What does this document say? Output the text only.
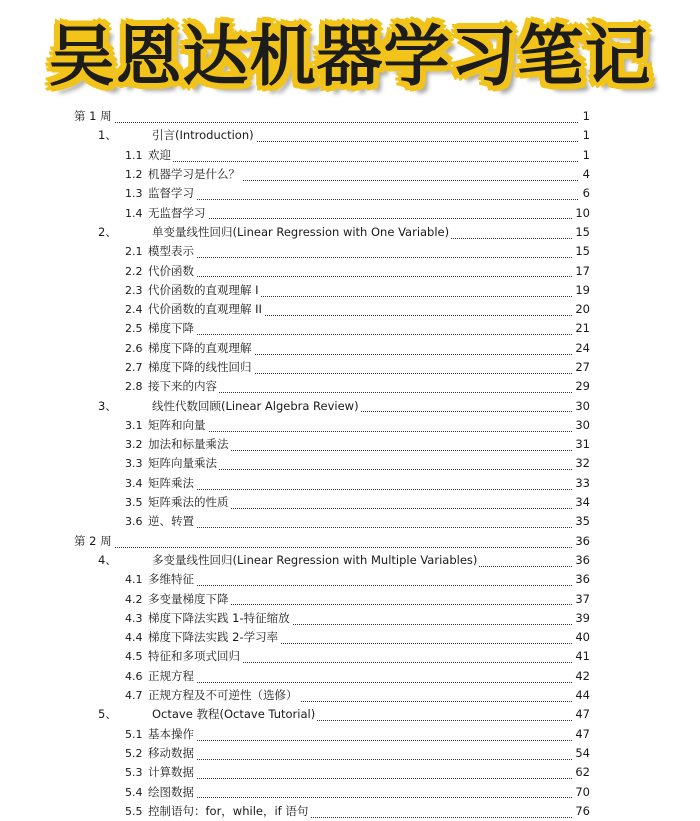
吴恩达机器学习笔记
第 1 周	1
1、	引言(Introduction)	1
1.1 欢迎	1
1.2 机器学习是什么？	4
1.3 监督学习	6
1.4 无监督学习	10
2、	单变量线性回归(Linear Regression with One Variable)	15
2.1 模型表示	15
2.2 代价函数	17
2.3 代价函数的直观理解 I	19
2.4 代价函数的直观理解 II	20
2.5 梯度下降	21
2.6 梯度下降的直观理解	24
2.7 梯度下降的线性回归	27
2.8 接下来的内容	29
3、	线性代数回顾(Linear Algebra Review)	30
3.1 矩阵和向量	30
3.2 加法和标量乘法	31
3.3 矩阵向量乘法	32
3.4 矩阵乘法	33
3.5 矩阵乘法的性质	34
3.6 逆、转置	35
第 2 周	36
4、	多变量线性回归(Linear Regression with Multiple Variables)	36
4.1 多维特征	36
4.2 多变量梯度下降	37
4.3 梯度下降法实践 1-特征缩放	39
4.4 梯度下降法实践 2-学习率	40
4.5 特征和多项式回归	41
4.6 正规方程	42
4.7 正规方程及不可逆性（选修）	44
5、	Octave 教程(Octave Tutorial)	47
5.1 基本操作	47
5.2 移动数据	54
5.3 计算数据	62
5.4 绘图数据	70
5.5 控制语句：for，while，if 语句	76
